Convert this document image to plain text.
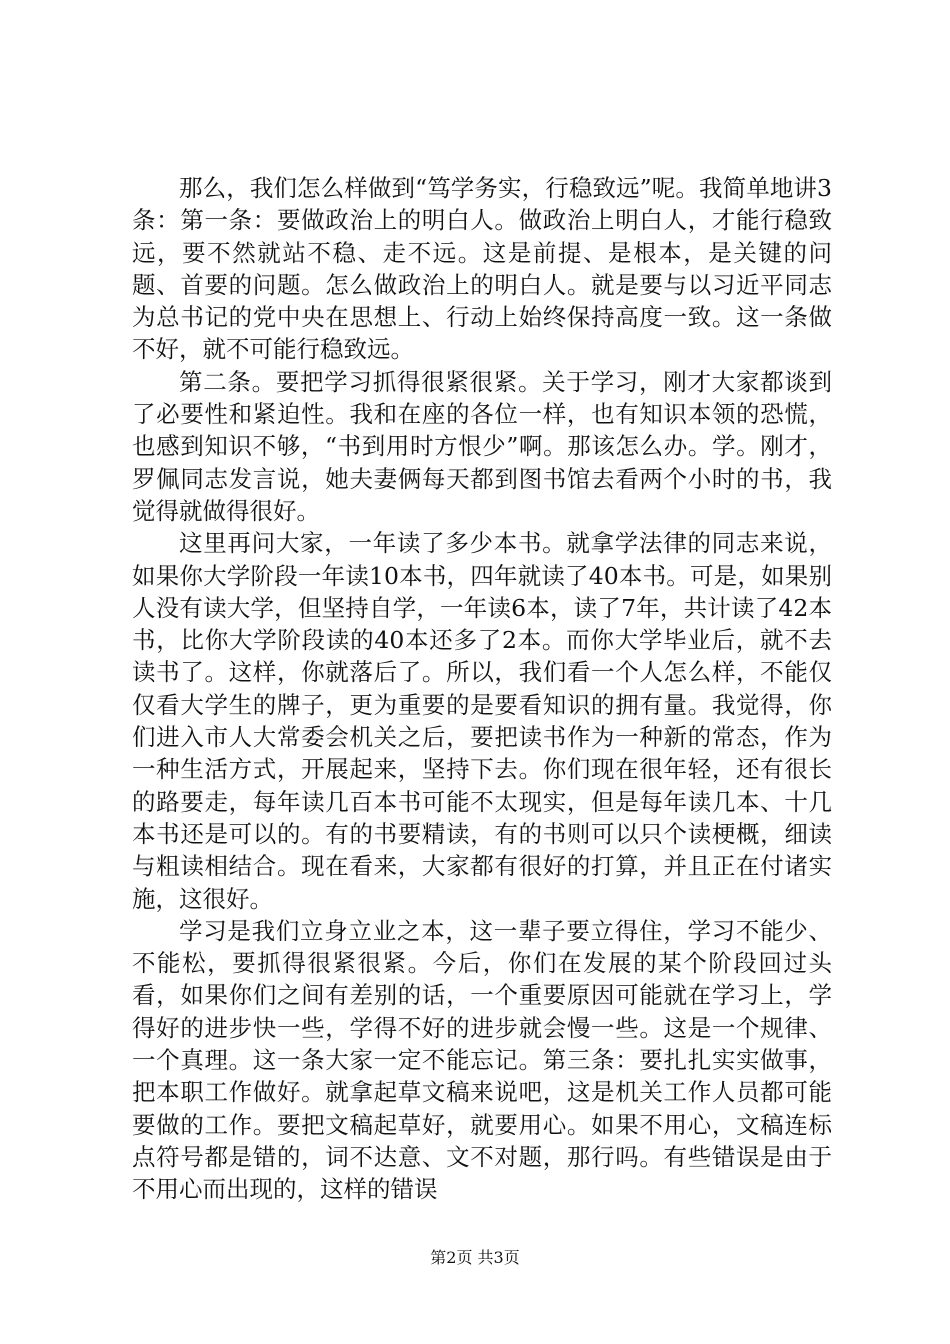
那么，我们怎么样做到“笃学务实，行稳致远”呢。我简单地讲3条：第一条：要做政治上的明白人。做政治上明白人，才能行稳致远，要不然就站不稳、走不远。这是前提、是根本，是关键的问题、首要的问题。怎么做政治上的明白人。就是要与以习近平同志为总书记的党中央在思想上、行动上始终保持高度一致。这一条做不好，就不可能行稳致远。

第二条。要把学习抓得很紧很紧。关于学习，刚才大家都谈到了必要性和紧迫性。我和在座的各位一样，也有知识本领的恐慌，也感到知识不够，“书到用时方恨少”啊。那该怎么办。学。刚才，罗佩同志发言说，她夫妻俩每天都到图书馆去看两个小时的书，我觉得就做得很好。

这里再问大家，一年读了多少本书。就拿学法律的同志来说，如果你大学阶段一年读10本书，四年就读了40本书。可是，如果别人没有读大学，但坚持自学，一年读6本，读了7年，共计读了42本书，比你大学阶段读的40本还多了2本。而你大学毕业后，就不去读书了。这样，你就落后了。所以，我们看一个人怎么样，不能仅仅看大学生的牌子，更为重要的是要看知识的拥有量。我觉得，你们进入市人大常委会机关之后，要把读书作为一种新的常态，作为一种生活方式，开展起来，坚持下去。你们现在很年轻，还有很长的路要走，每年读几百本书可能不太现实，但是每年读几本、十几本书还是可以的。有的书要精读，有的书则可以只个读梗概，细读与粗读相结合。现在看来，大家都有很好的打算，并且正在付诸实施，这很好。

学习是我们立身立业之本，这一辈子要立得住，学习不能少、不能松，要抓得很紧很紧。今后，你们在发展的某个阶段回过头看，如果你们之间有差别的话，一个重要原因可能就在学习上，学得好的进步快一些，学得不好的进步就会慢一些。这是一个规律、一个真理。这一条大家一定不能忘记。第三条：要扎扎实实做事，把本职工作做好。就拿起草文稿来说吧，这是机关工作人员都可能要做的工作。要把文稿起草好，就要用心。如果不用心，文稿连标点符号都是错的，词不达意、文不对题，那行吗。有些错误是由于不用心而出现的，这样的错误

第2页 共3页
